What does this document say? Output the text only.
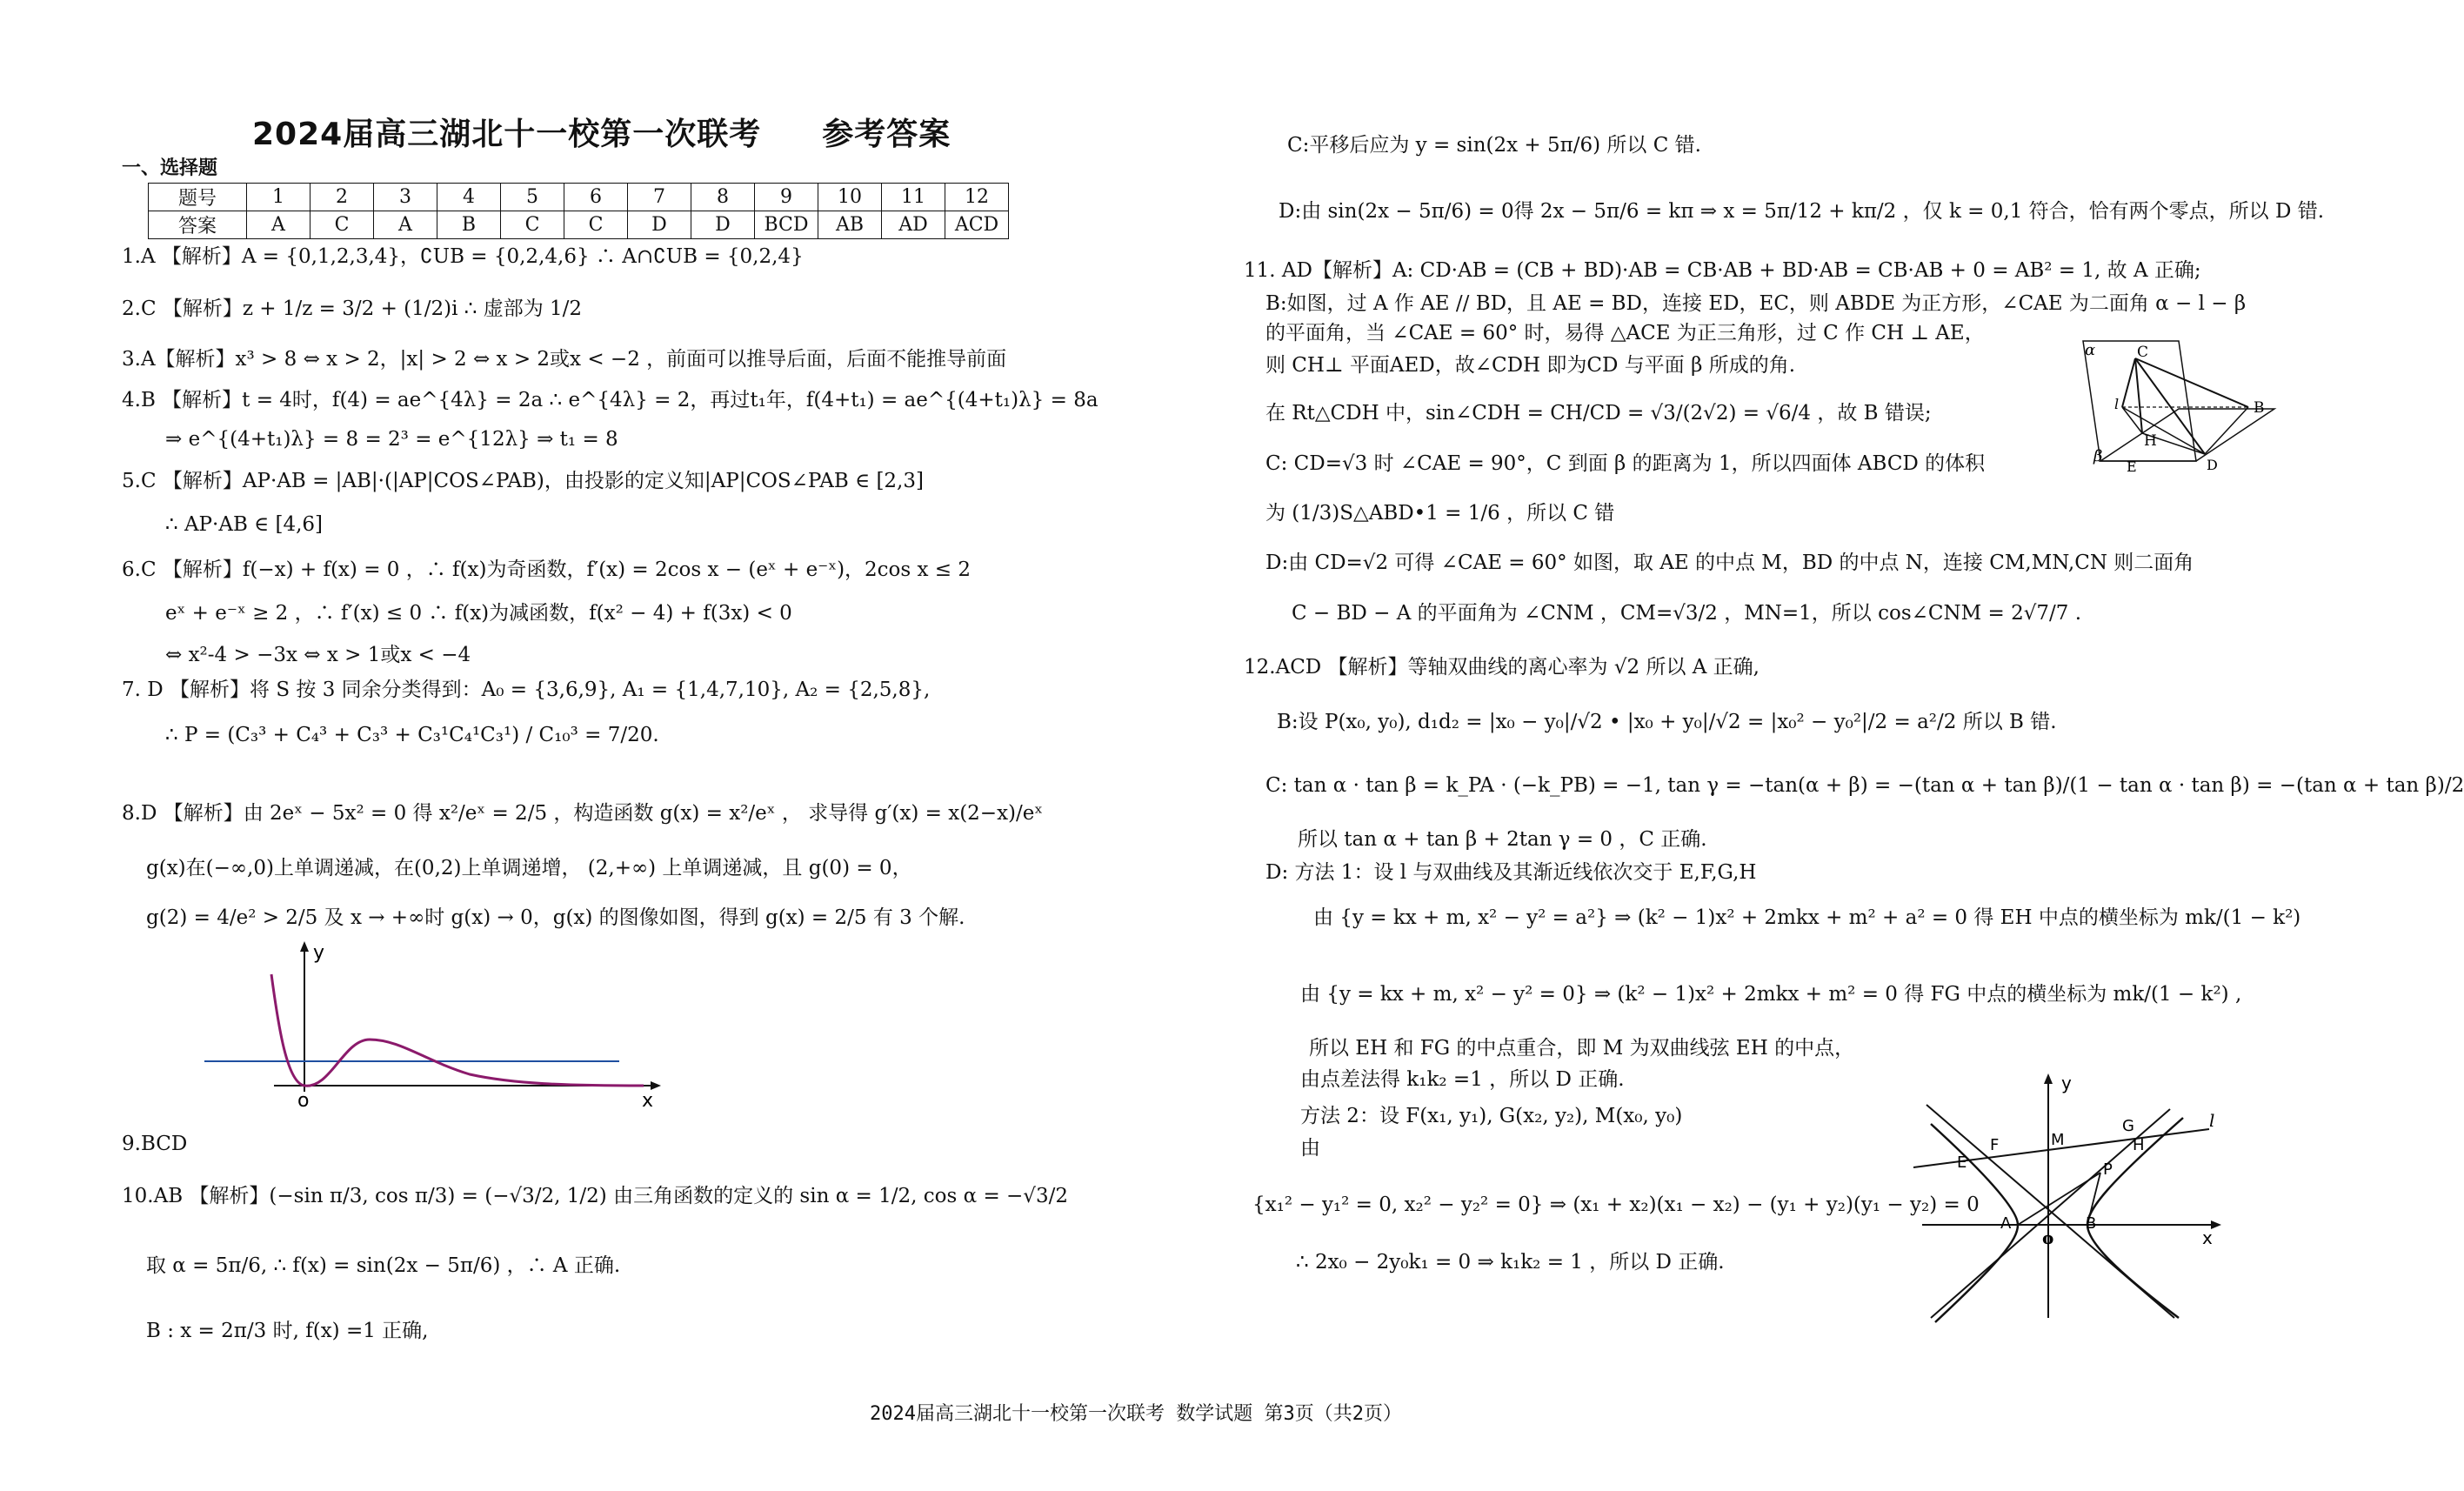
2024届高三湖北十一校第一次联考 参考答案
一、选择题
题号	1	2	3	4	5	6	7	8	9	10	11	12
答案	A	C	A	B	C	C	D	D	BCD	AB	AD	ACD
1.A 【解析】A = {0,1,2,3,4}，∁UB = {0,2,4,6} ∴ A∩∁UB = {0,2,4}
2.C 【解析】z + 1/z = 3/2 + (1/2)i ∴ 虚部为 1/2
3.A【解析】x³ > 8 ⇔ x > 2，|x| > 2 ⇔ x > 2或x < −2 ，前面可以推导后面，后面不能推导前面
4.B 【解析】t = 4时，f(4) = ae^{4λ} = 2a ∴ e^{4λ} = 2，再过t₁年，f(4+t₁) = ae^{(4+t₁)λ} = 8a
⇒ e^{(4+t₁)λ} = 8 = 2³ = e^{12λ} ⇒ t₁ = 8
5.C 【解析】AP·AB = |AB|·(|AP|COS∠PAB)，由投影的定义知|AP|COS∠PAB ∈ [2,3]
∴ AP·AB ∈ [4,6]
6.C 【解析】f(−x) + f(x) = 0 ，∴ f(x)为奇函数，f′(x) = 2cos x − (eˣ + e⁻ˣ)，2cos x ≤ 2
eˣ + e⁻ˣ ≥ 2 ，∴ f′(x) ≤ 0 ∴ f(x)为减函数，f(x² − 4) + f(3x) < 0
⇔ x²-4 > −3x ⇔ x > 1或x < −4
7. D 【解析】将 S 按 3 同余分类得到：A₀ = {3,6,9}, A₁ = {1,4,7,10}, A₂ = {2,5,8},
∴ P = (C₃³ + C₄³ + C₃³ + C₃¹C₄¹C₃¹) / C₁₀³ = 7/20.
8.D 【解析】由 2eˣ − 5x² = 0 得 x²/eˣ = 2/5 ，构造函数 g(x) = x²/eˣ ， 求导得 g′(x) = x(2−x)/eˣ
g(x)在(−∞,0)上单调递减，在(0,2)上单调递增， (2,+∞) 上单调递减，且 g(0) = 0，
g(2) = 4/e² > 2/5 及 x → +∞时 g(x) → 0，g(x) 的图像如图，得到 g(x) = 2/5 有 3 个解.
y
x
o
9.BCD
10.AB 【解析】(−sin π/3, cos π/3) = (−√3/2, 1/2) 由三角函数的定义的 sin α = 1/2, cos α = −√3/2
取 α = 5π/6, ∴ f(x) = sin(2x − 5π/6) ，∴ A 正确.
B : x = 2π/3 时, f(x) =1 正确,
C:平移后应为 y = sin(2x + 5π/6) 所以 C 错.
D:由 sin(2x − 5π/6) = 0得 2x − 5π/6 = kπ ⇒ x = 5π/12 + kπ/2 ，仅 k = 0,1 符合，恰有两个零点，所以 D 错.
11. AD【解析】A: CD·AB = (CB + BD)·AB = CB·AB + BD·AB = CB·AB + 0 = AB² = 1, 故 A 正确;
B:如图，过 A 作 AE // BD，且 AE = BD，连接 ED，EC，则 ABDE 为正方形，∠CAE 为二面角 α − l − β
的平面角，当 ∠CAE = 60° 时，易得 △ACE 为正三角形，过 C 作 CH ⊥ AE，
则 CH⊥ 平面AED，故∠CDH 即为CD 与平面 β 所成的角.
在 Rt△CDH 中，sin∠CDH = CH/CD = √3/(2√2) = √6/4 ，故 B 错误;
C: CD=√3 时 ∠CAE = 90°，C 到面 β 的距离为 1，所以四面体 ABCD 的体积
为 (1/3)S△ABD•1 = 1/6 ，所以 C 错
D:由 CD=√2 可得 ∠CAE = 60° 如图，取 AE 的中点 M，BD 的中点 N，连接 CM,MN,CN 则二面角
C − BD − A 的平面角为 ∠CNM ，CM=√3/2 ，MN=1，所以 cos∠CNM = 2√7/7 .
α	C
l	B
H
β
E	D
12.ACD 【解析】等轴双曲线的离心率为 √2 所以 A 正确,
B:设 P(x₀, y₀), d₁d₂ = |x₀ − y₀|/√2 • |x₀ + y₀|/√2 = |x₀² − y₀²|/2 = a²/2 所以 B 错.
C: tan α · tan β = k_PA · (−k_PB) = −1, tan γ = −tan(α + β) = −(tan α + tan β)/(1 − tan α · tan β) = −(tan α + tan β)/2
所以 tan α + tan β + 2tan γ = 0 ，C 正确.
D: 方法 1：设 l 与双曲线及其渐近线依次交于 E,F,G,H
由 {y = kx + m, x² − y² = a²} ⇒ (k² − 1)x² + 2mkx + m² + a² = 0 得 EH 中点的横坐标为 mk/(1 − k²)
由 {y = kx + m, x² − y² = 0} ⇒ (k² − 1)x² + 2mkx + m² = 0 得 FG 中点的横坐标为 mk/(1 − k²) ,
所以 EH 和 FG 的中点重合，即 M 为双曲线弦 EH 的中点，
由点差法得 k₁k₂ =1 ，所以 D 正确.
方法 2：设 F(x₁, y₁), G(x₂, y₂), M(x₀, y₀)
由
{x₁² − y₁² = 0, x₂² − y₂² = 0} ⇒ (x₁ + x₂)(x₁ − x₂) − (y₁ + y₂)(y₁ − y₂) = 0
∴ 2x₀ − 2y₀k₁ = 0 ⇒ k₁k₂ = 1 ，所以 D 正确.
y
l
F	M
G
E
H
P
A
o
B
x
2024届高三湖北十一校第一次联考 数学试题 第3页（共2页）
